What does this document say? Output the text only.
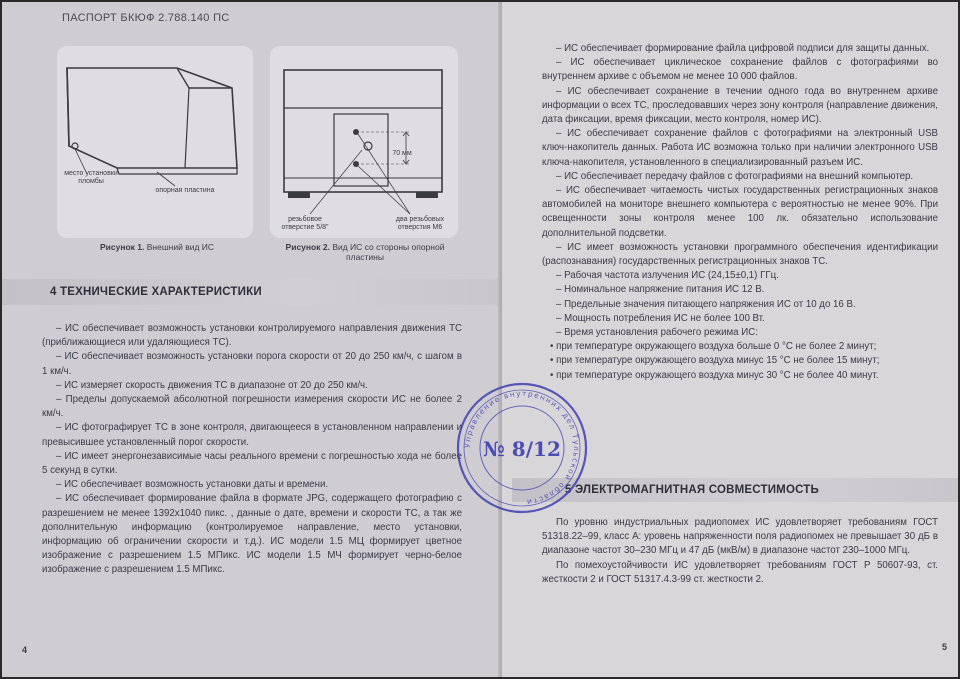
ПАСПОРТ БКЮФ 2.788.140 ПС
место установки пломбы
опорная пластина
Рисунок 1. Внешний вид ИС
70 мм
резьбовое отверстие 5/8"
два резьбовых отверстия М6
Рисунок 2. Вид ИС со стороны опорной пластины
4 ТЕХНИЧЕСКИЕ ХАРАКТЕРИСТИКИ

– ИС обеспечивает возможность установки контролируемого направления движения ТС (приближающиеся или удаляющиеся ТС).

– ИС обеспечивает возможность установки порога скорости от 20 до 250 км/ч, с шагом в 1 км/ч.

– ИС измеряет скорость движения ТС в диапазоне от 20 до 250 км/ч.

– Пределы допускаемой абсолютной погрешности измерения скорости ИС не более 2 км/ч.

– ИС фотографирует ТС в зоне контроля, двигающееся в установленном направлении и превысившее установленный порог скорости.

– ИС имеет энергонезависимые часы реального времени с погрешностью хода не более 5 секунд в сутки.

– ИС обеспечивает возможность установки даты и времени.

– ИС обеспечивает формирование файла в формате JPG, содержащего фотографию с разрешением не менее 1392х1040 пикс. , данные о дате, времени и скорости ТС, а так же дополнительную информацию (контролируемое направление, место установки, информацию об ограничении скорости и т.д.). ИС модели 1.5 МЦ формирует цветное изображение с разрешением 1.5 МПикс. ИС модели 1.5 МЧ формирует черно-белое изображение с разрешением 1.5 МПикс.

4

– ИС обеспечивает формирование файла цифровой подписи для защиты данных.

– ИС обеспечивает циклическое сохранение файлов с фотографиями во внутреннем архиве с объемом не менее 10 000 файлов.

– ИС обеспечивает сохранение в течении одного года во внутреннем архиве информации о всех ТС, проследовавших через зону контроля (направление движения, дата фиксации, время фиксации, место контроля, номер ИС).

– ИС обеспечивает сохранение файлов с фотографиями на электронный USB ключ-накопитель данных. Работа ИС возможна только при наличии электронного USB ключа-накопителя, установленного в специализированный разъем ИС.

– ИС обеспечивает передачу файлов с фотографиями на внешний компьютер.

– ИС обеспечивает читаемость чистых государственных регистрационных знаков автомобилей на мониторе внешнего компьютера с вероятностью не менее 90%. При освещенности зоны контроля менее 100 лк. обязательно использование дополнительной подсветки.

– ИС имеет возможность установки программного обеспечения идентификации (распознавания) государственных регистрационных знаков ТС.

– Рабочая частота излучения ИС (24,15±0,1) ГГц.

– Номинальное напряжение питания ИС 12 В.

– Предельные значения питающего напряжения ИС от 10 до 16 В.

– Мощность потребления ИС не более 100 Вт.

– Время установления рабочего режима ИС:

• при температуре окружающего воздуха больше 0 °С не более 2 минут;

• при температуре окружающего воздуха минус 15 °С не более 15 минут;

• при температуре окружающего воздуха минус 30 °С не более 40 минут.

5 ЭЛЕКТРОМАГНИТНАЯ СОВМЕСТИМОСТЬ

По уровню индустриальных радиопомех ИС удовлетворяет требованиям ГОСТ 51318.22–99, класс А: уровень напряженности поля радиопомех не превышает 30 дБ в диапазоне частот 30–230 МГц и 47 дБ (мкВ/м) в диапазоне частот 230–1000 МГц.

По помехоустойчивости ИС удовлетворяет требованиям ГОСТ Р 50607-93, ст. жесткости 2 и ГОСТ 51317.4.3-99 ст. жесткости 2.

5
Управление внутренних дел Тульской области
№ 8/12
